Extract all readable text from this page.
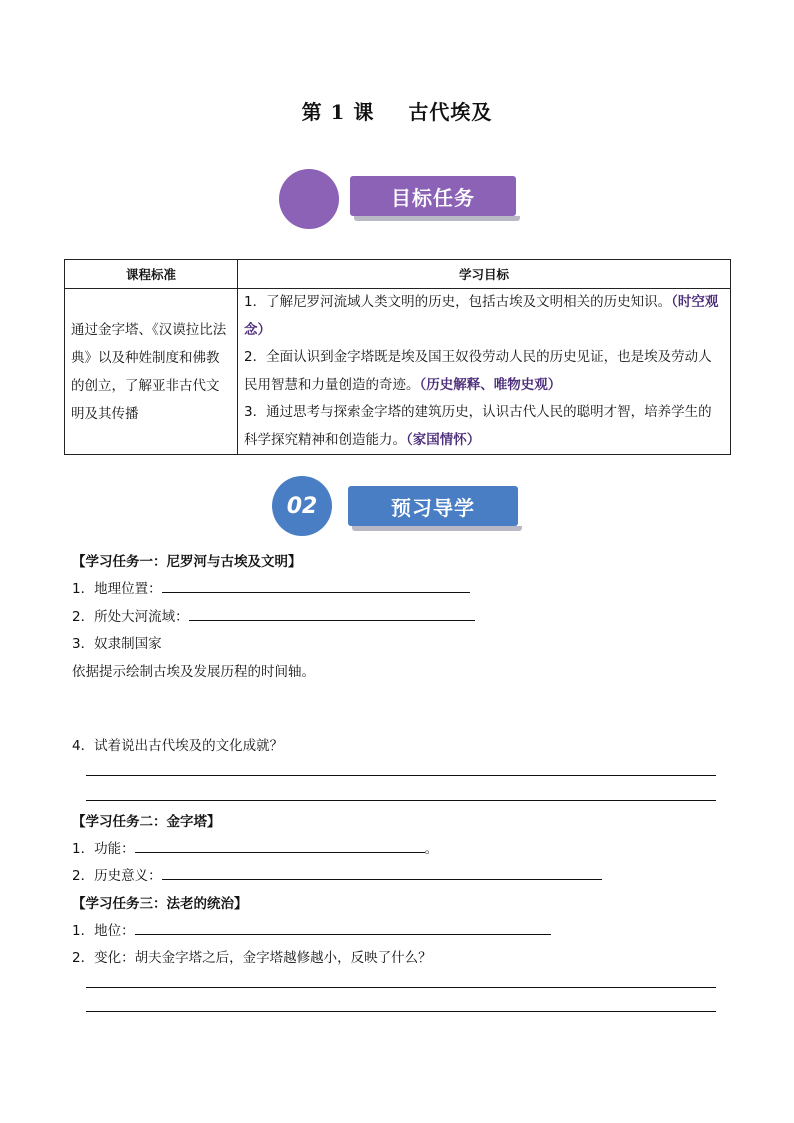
第 1 课 古代埃及
目标任务
课程标准	学习目标
通过金字塔、《汉谟拉比法典》以及种姓制度和佛教的创立，了解亚非古代文明及其传播	1．了解尼罗河流域人类文明的历史，包括古埃及文明相关的历史知识。（时空观念）
2．全面认识到金字塔既是埃及国王奴役劳动人民的历史见证，也是埃及劳动人民用智慧和力量创造的奇迹。（历史解释、唯物史观）
3．通过思考与探索金字塔的建筑历史，认识古代人民的聪明才智，培养学生的科学探究精神和创造能力。（家国情怀）
02	预习导学
【学习任务一：尼罗河与古埃及文明】
1．地理位置：
2．所处大河流域：
3．奴隶制国家
依据提示绘制古埃及发展历程的时间轴。
4．试着说出古代埃及的文化成就？
【学习任务二：金字塔】
1．功能：	。
2．历史意义：
【学习任务三：法老的统治】
1．地位：
2．变化：胡夫金字塔之后，金字塔越修越小，反映了什么？
